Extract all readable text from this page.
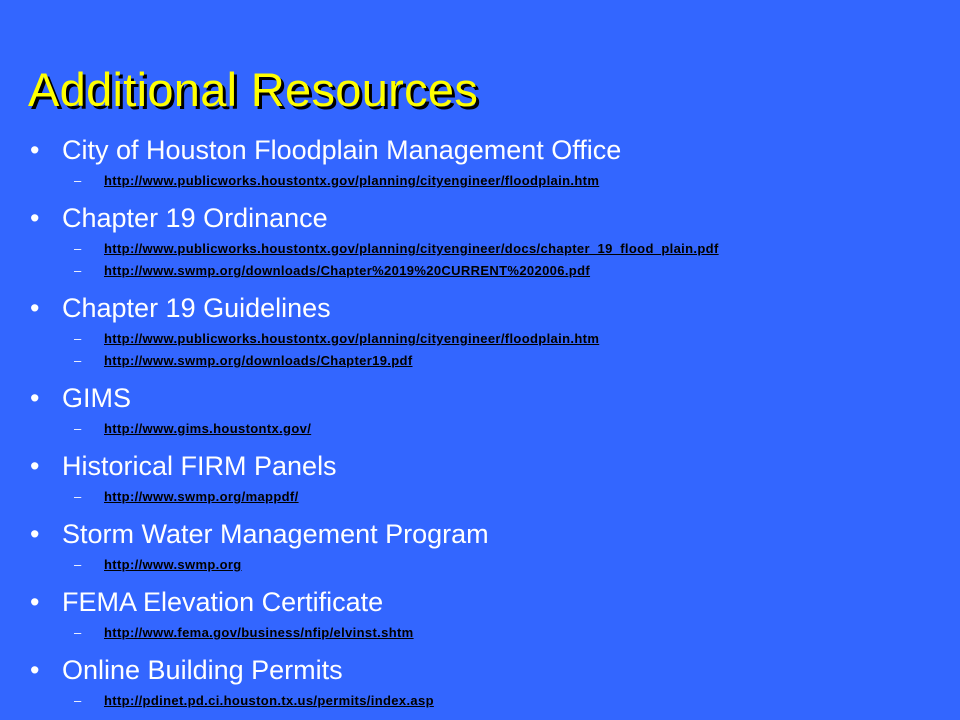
Additional Resources
• City of Houston Floodplain Management Office
– http://www.publicworks.houstontx.gov/planning/cityengineer/floodplain.htm
• Chapter 19 Ordinance
– http://www.publicworks.houstontx.gov/planning/cityengineer/docs/chapter_19_flood_plain.pdf
– http://www.swmp.org/downloads/Chapter%2019%20CURRENT%202006.pdf
• Chapter 19 Guidelines
– http://www.publicworks.houstontx.gov/planning/cityengineer/floodplain.htm
– http://www.swmp.org/downloads/Chapter19.pdf
• GIMS
– http://www.gims.houstontx.gov/
• Historical FIRM Panels
– http://www.swmp.org/mappdf/
• Storm Water Management Program
– http://www.swmp.org
• FEMA Elevation Certificate
– http://www.fema.gov/business/nfip/elvinst.shtm
• Online Building Permits
– http://pdinet.pd.ci.houston.tx.us/permits/index.asp
